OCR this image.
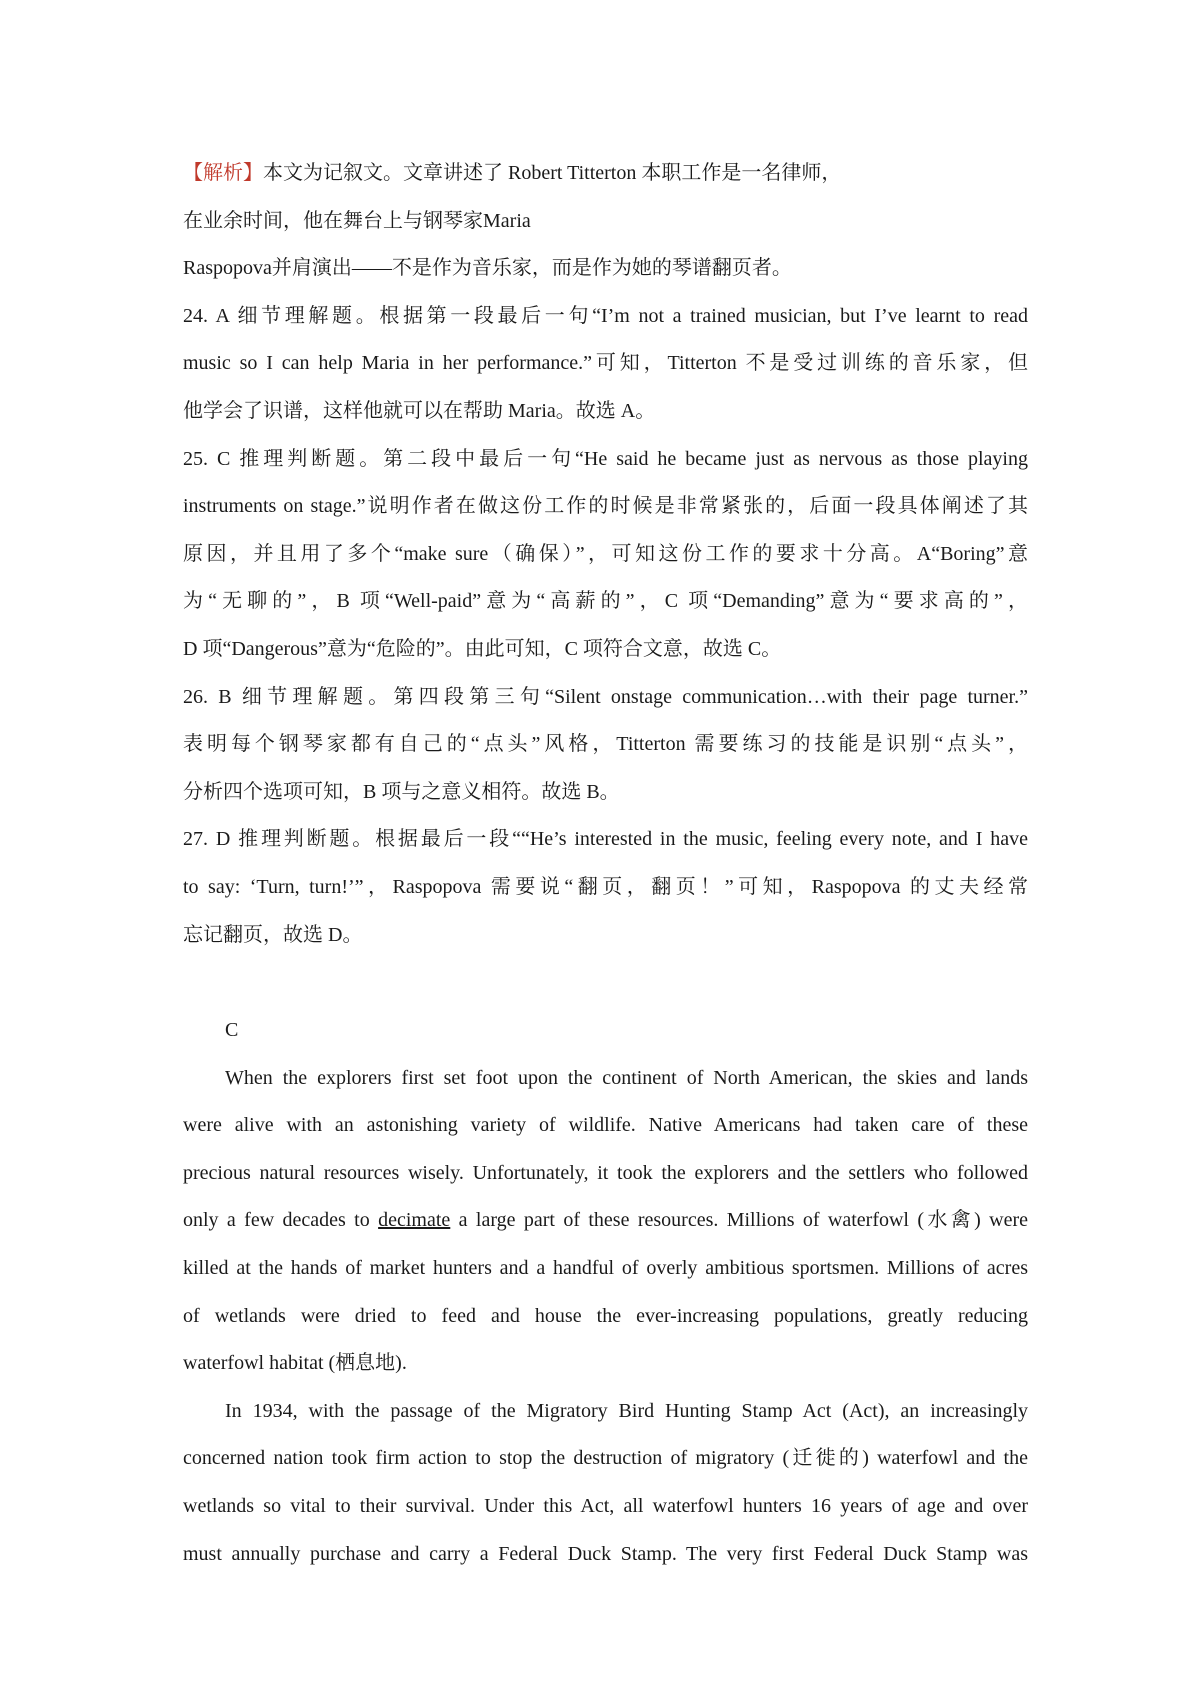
【解析】本文为记叙文。文章讲述了 Robert Titterton 本职工作是一名律师，
在业余时间，他在舞台上与钢琴家Maria
Raspopova并肩演出——不是作为音乐家，而是作为她的琴谱翻页者。
24. A 细节理解题。根据第一段最后一句“I’m not a trained musician, but I’ve learnt to read
music so I can help Maria in her performance.”可知，Titterton 不是受过训练的音乐家，但
他学会了识谱，这样他就可以在帮助 Maria。故选 A。
25. C 推理判断题。第二段中最后一句“He said he became just as nervous as those playing
instruments on stage.”说明作者在做这份工作的时候是非常紧张的，后面一段具体阐述了其
原因，并且用了多个“make sure（确保）”，可知这份工作的要求十分高。A“Boring”意
为“无聊的”，B 项“Well-paid”意为“高薪的”，C 项“Demanding”意为“要求高的”，
D 项“Dangerous”意为“危险的”。由此可知，C 项符合文意，故选 C。
26. B 细节理解题。第四段第三句“Silent onstage communication…with their page turner.”
表明每个钢琴家都有自己的“点头”风格，Titterton 需要练习的技能是识别“点头”，
分析四个选项可知，B 项与之意义相符。故选 B。
27. D 推理判断题。根据最后一段““He’s interested in the music, feeling every note, and I have
to say: ‘Turn, turn!’”，Raspopova 需要说“翻页，翻页！”可知，Raspopova 的丈夫经常
忘记翻页，故选 D。
C
When the explorers first set foot upon the continent of North American, the skies and lands
were alive with an astonishing variety of wildlife. Native Americans had taken care of these
precious natural resources wisely. Unfortunately, it took the explorers and the settlers who followed
only a few decades to decimate a large part of these resources. Millions of waterfowl (水禽) were
killed at the hands of market hunters and a handful of overly ambitious sportsmen. Millions of acres
of wetlands were dried to feed and house the ever-increasing populations, greatly reducing
waterfowl habitat (栖息地).
In 1934, with the passage of the Migratory Bird Hunting Stamp Act (Act), an increasingly
concerned nation took firm action to stop the destruction of migratory (迁徙的) waterfowl and the
wetlands so vital to their survival. Under this Act, all waterfowl hunters 16 years of age and over
must annually purchase and carry a Federal Duck Stamp. The very first Federal Duck Stamp was
